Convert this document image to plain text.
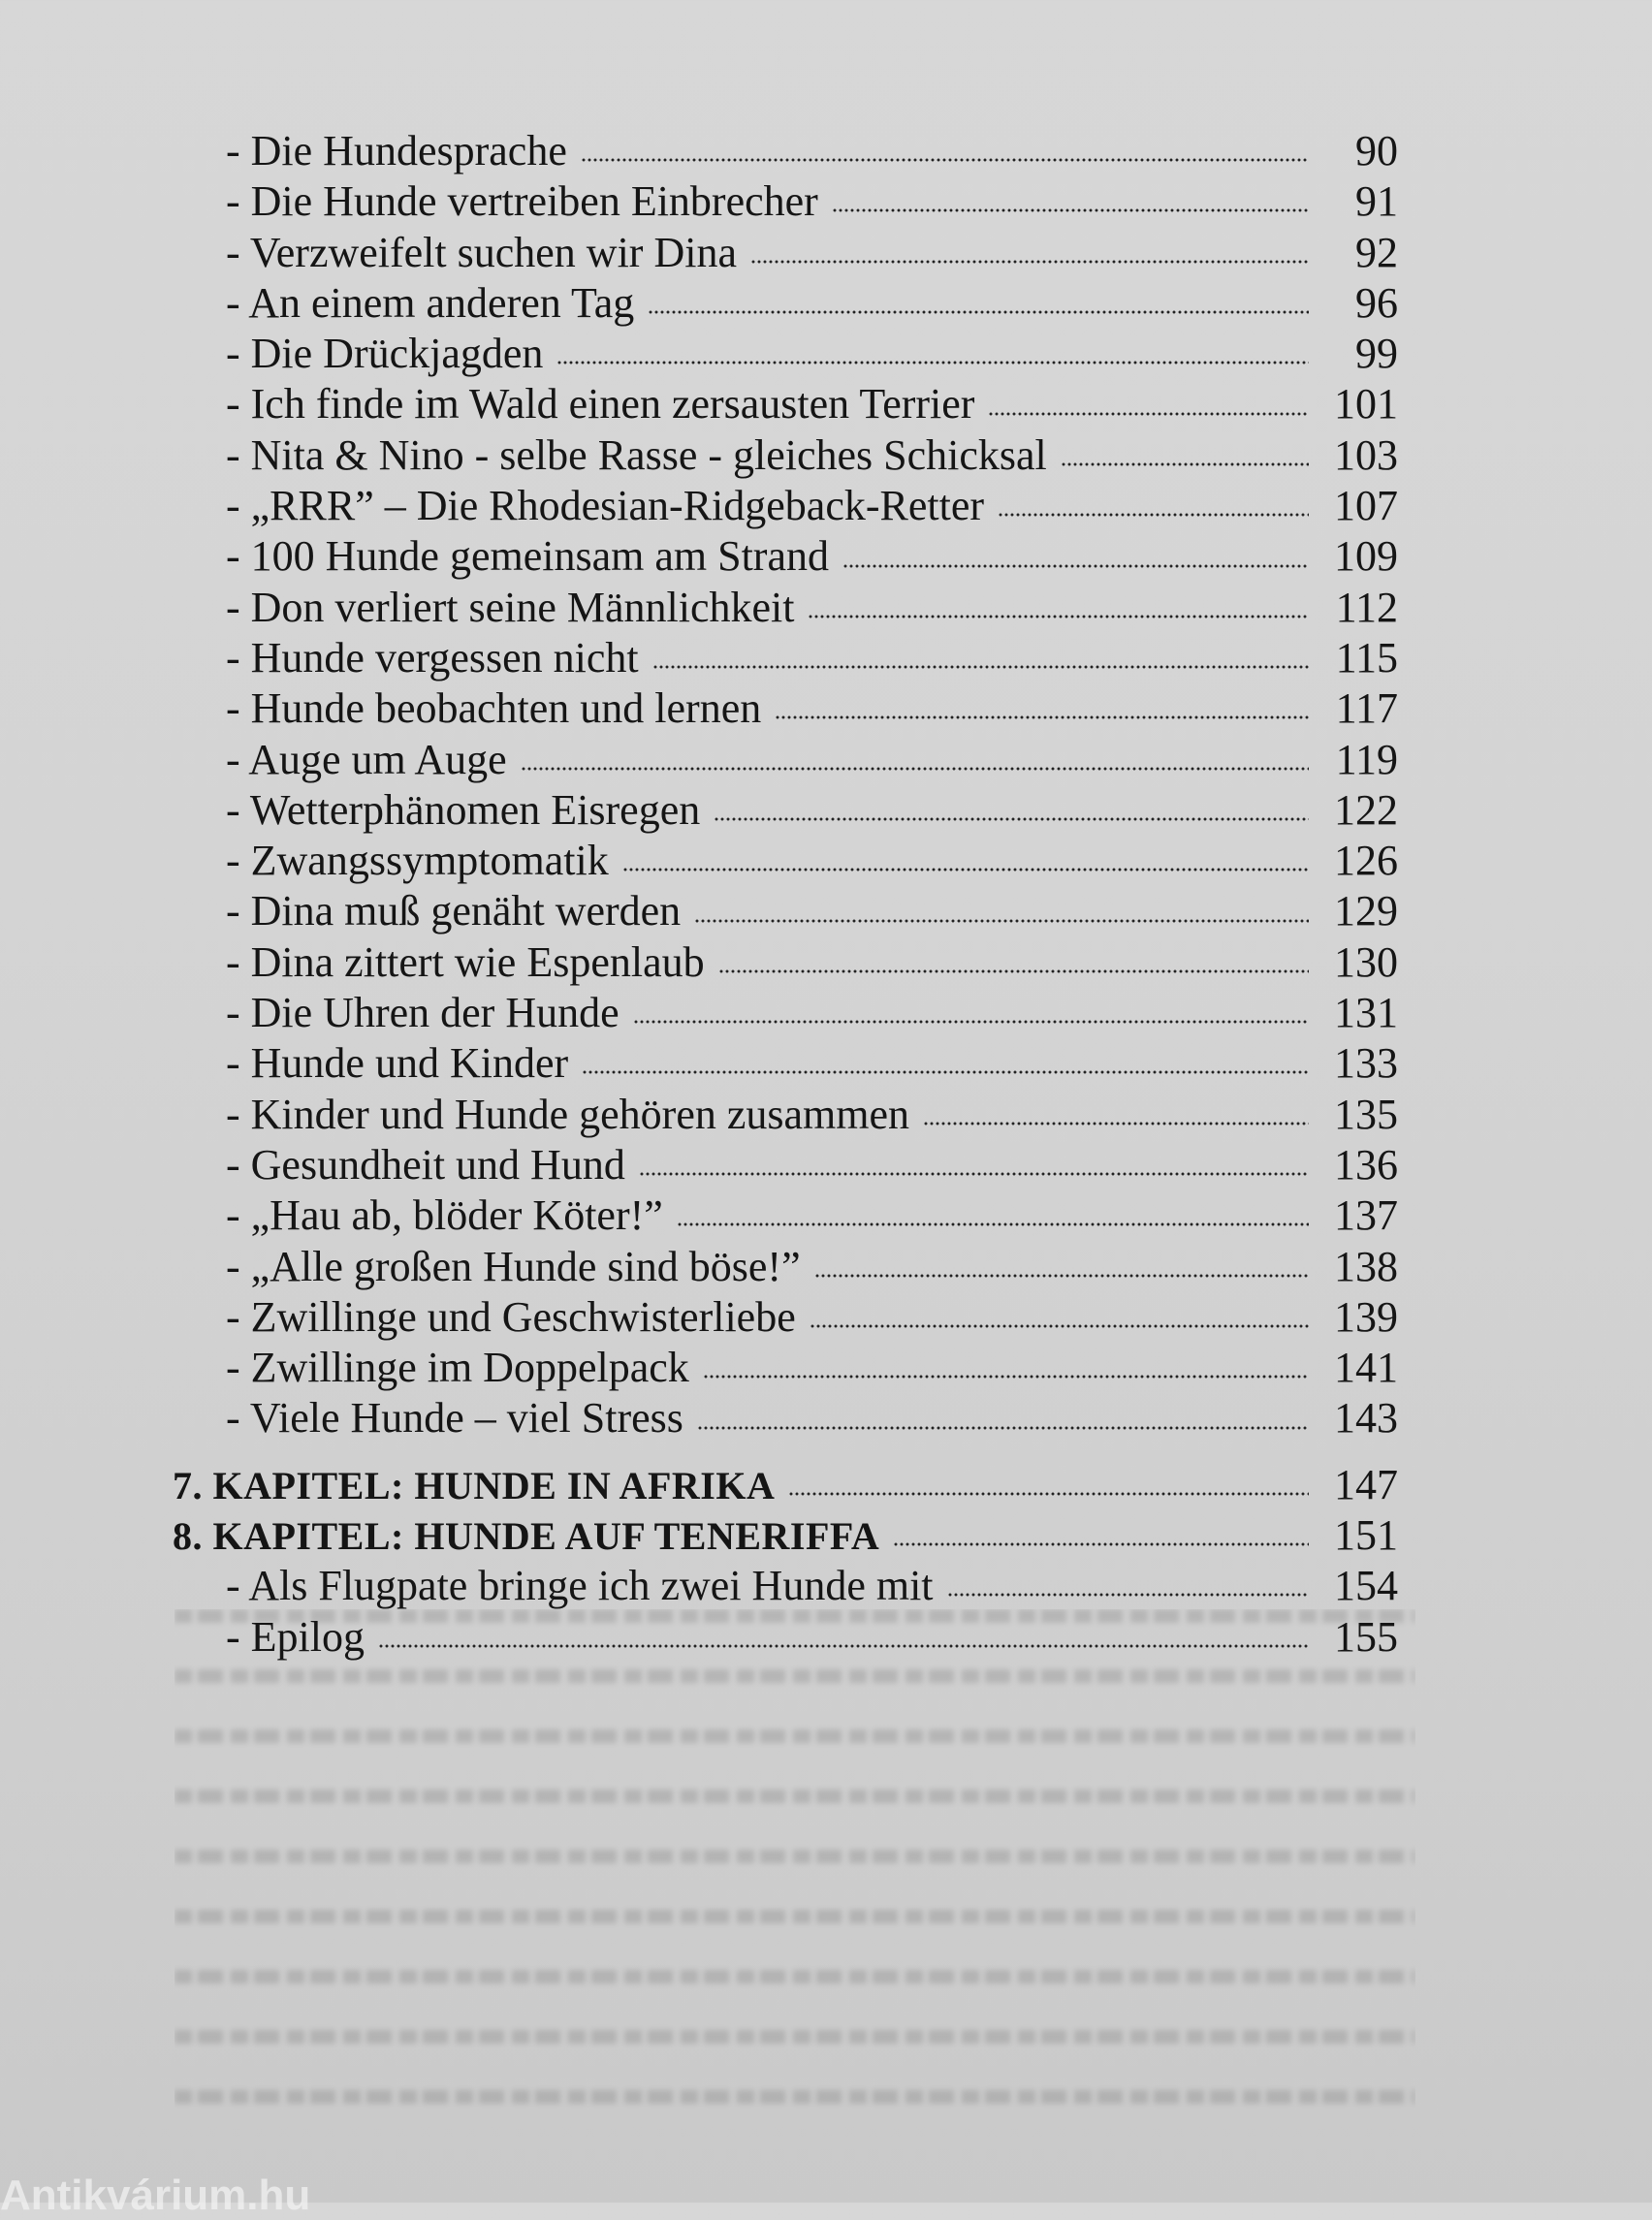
- Die Hundesprache	90
- Die Hunde vertreiben Einbrecher	91
- Verzweifelt suchen wir Dina	92
- An einem anderen Tag	96
- Die Drückjagden	99
- Ich finde im Wald einen zersausten Terrier	101
- Nita & Nino - selbe Rasse - gleiches Schicksal	103
- „RRR” – Die Rhodesian-Ridgeback-Retter	107
- 100 Hunde gemeinsam am Strand	109
- Don verliert seine Männlichkeit	112
- Hunde vergessen nicht	115
- Hunde beobachten und lernen	117
- Auge um Auge	119
- Wetterphänomen Eisregen	122
- Zwangssymptomatik	126
- Dina muß genäht werden	129
- Dina zittert wie Espenlaub	130
- Die Uhren der Hunde	131
- Hunde und Kinder	133
- Kinder und Hunde gehören zusammen	135
- Gesundheit und Hund	136
- „Hau ab, blöder Köter!”	137
- „Alle großen Hunde sind böse!”	138
- Zwillinge und Geschwisterliebe	139
- Zwillinge im Doppelpack	141
- Viele Hunde – viel Stress	143
7. KAPITEL: HUNDE IN AFRIKA	147
8. KAPITEL: HUNDE AUF TENERIFFA	151
- Als Flugpate bringe ich zwei Hunde mit	154
- Epilog	155
Antikvárium.hu
